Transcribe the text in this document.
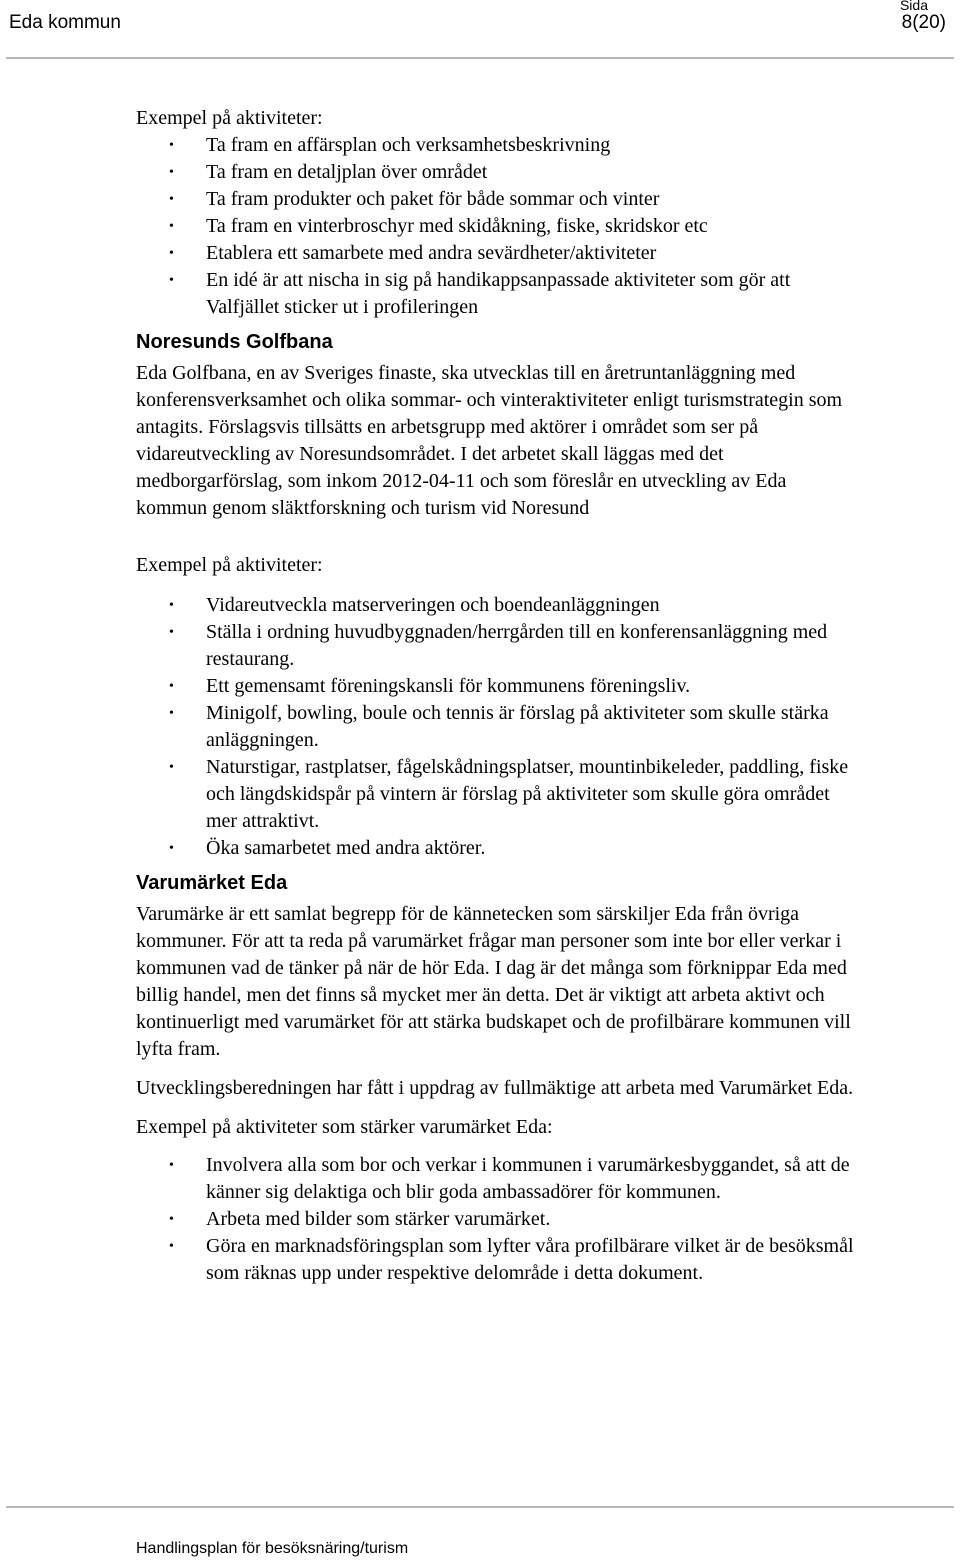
Eda kommun
Sida
8(20)

Exempel på aktiviteter:

• Ta fram en affärsplan och verksamhetsbeskrivning
• Ta fram en detaljplan över området
• Ta fram produkter och paket för både sommar och vinter
• Ta fram en vinterbroschyr med skidåkning, fiske, skridskor etc
• Etablera ett samarbete med andra sevärdheter/aktiviteter
• En idé är att nischa in sig på handikappsanpassade aktiviteter som gör att Valfjället sticker ut i profileringen
Noresunds Golfbana

Eda Golfbana, en av Sveriges finaste, ska utvecklas till en åretruntanläggning med konferensverksamhet och olika sommar- och vinteraktiviteter enligt turismstrategin som antagits. Förslagsvis tillsätts en arbetsgrupp med aktörer i området som ser på vidareutveckling av Noresundsområdet. I det arbetet skall läggas med det medborgarförslag, som inkom 2012-04-11 och som föreslår en utveckling av Eda kommun genom släktforskning och turism vid Noresund

Exempel på aktiviteter:

• Vidareutveckla matserveringen och boendeanläggningen
• Ställa i ordning huvudbyggnaden/herrgården till en konferensanläggning med restaurang.
• Ett gemensamt föreningskansli för kommunens föreningsliv.
• Minigolf, bowling, boule och tennis är förslag på aktiviteter som skulle stärka anläggningen.
• Naturstigar, rastplatser, fågelskådningsplatser, mountinbikeleder, paddling, fiske och längdskidspår på vintern är förslag på aktiviteter som skulle göra området mer attraktivt.
• Öka samarbetet med andra aktörer.
Varumärket Eda

Varumärke är ett samlat begrepp för de kännetecken som särskiljer Eda från övriga kommuner. För att ta reda på varumärket frågar man personer som inte bor eller verkar i kommunen vad de tänker på när de hör Eda. I dag är det många som förknippar Eda med billig handel, men det finns så mycket mer än detta. Det är viktigt att arbeta aktivt och kontinuerligt med varumärket för att stärka budskapet och de profilbärare kommunen vill lyfta fram.

Utvecklingsberedningen har fått i uppdrag av fullmäktige att arbeta med Varumärket Eda.

Exempel på aktiviteter som stärker varumärket Eda:

• Involvera alla som bor och verkar i kommunen i varumärkesbyggandet, så att de känner sig delaktiga och blir goda ambassadörer för kommunen.
• Arbeta med bilder som stärker varumärket.
• Göra en marknadsföringsplan som lyfter våra profilbärare vilket är de besöksmål som räknas upp under respektive delområde i detta dokument.
Handlingsplan för besöksnäring/turism
